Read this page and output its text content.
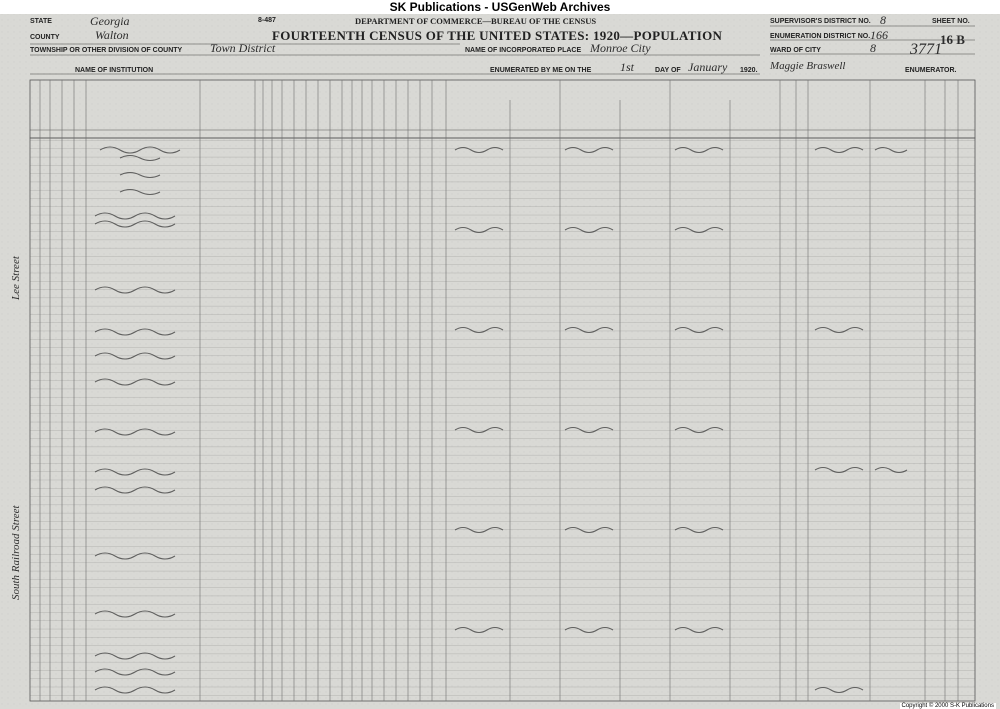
SK Publications - USGenWeb Archives
STATE	Georgia
COUNTY	Walton
TOWNSHIP OR OTHER DIVISION OF COUNTY Town District
NAME OF INSTITUTION
8-487	DEPARTMENT OF COMMERCE—BUREAU OF THE CENSUS
FOURTEENTH CENSUS OF THE UNITED STATES: 1920—POPULATION
NAME OF INCORPORATED PLACE Monroe City
ENUMERATED BY ME ON THE 1st	DAY OF January 1920. Maggie Braswell	ENUMERATOR.
SUPERVISOR'S DISTRICT NO. 8	SHEET NO.
16 B
ENUMERATION DISTRICT NO. 166
WARD OF CITY	8 3771
Lee Street
South Railroad Street
Copyright © 2000 S-K Publications
